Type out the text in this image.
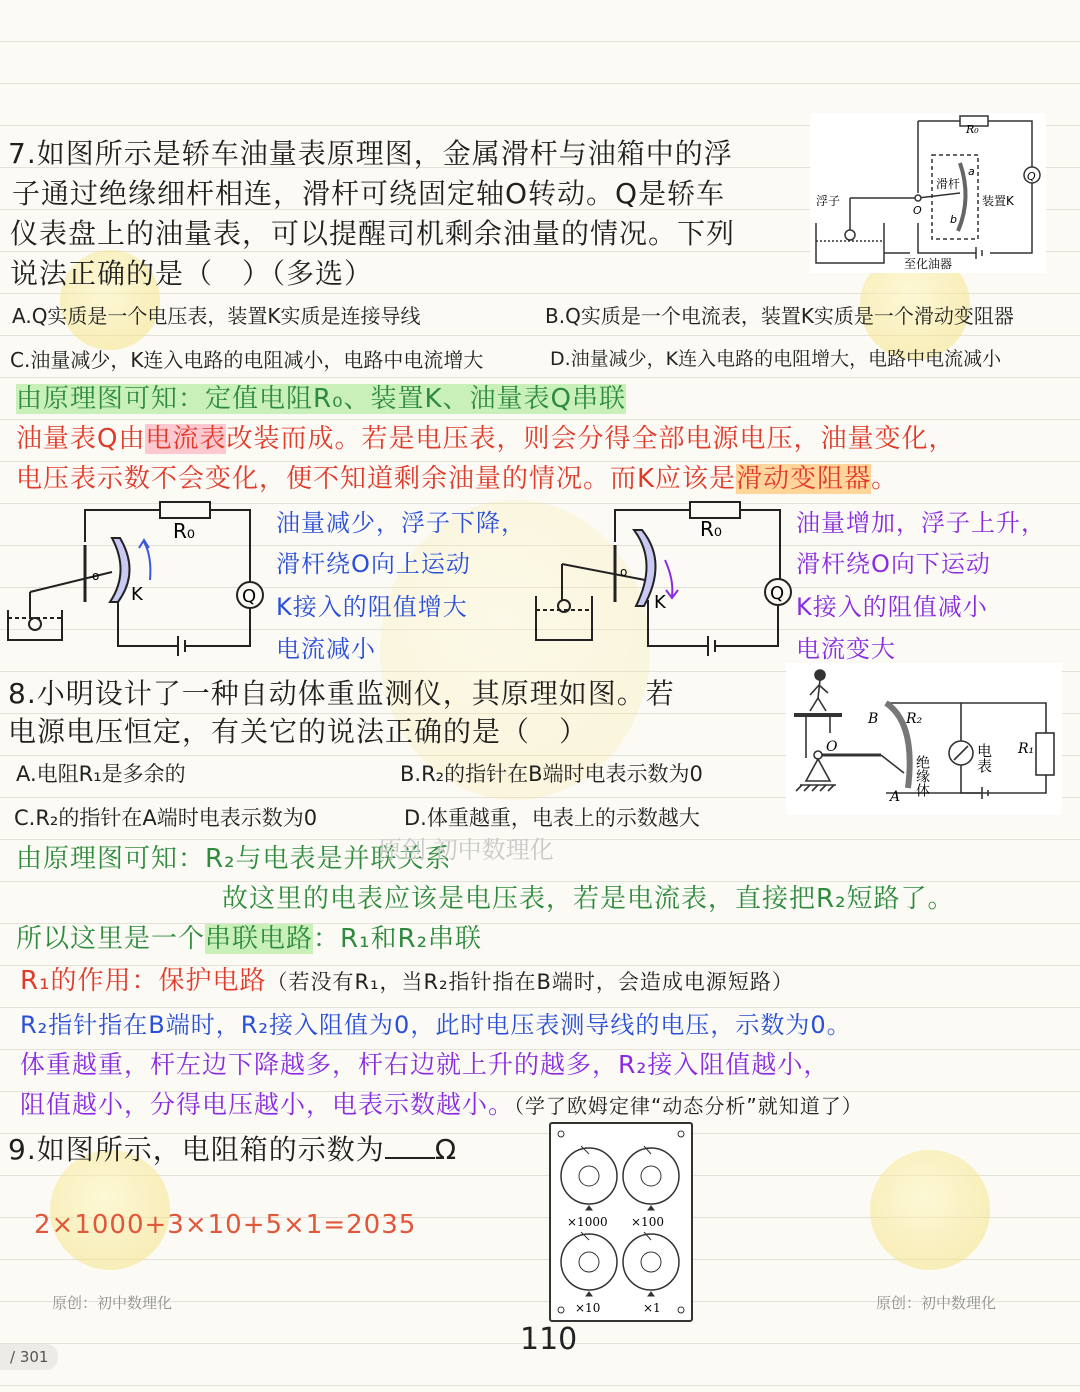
7.如图所示是轿车油量表原理图，金属滑杆与油箱中的浮
子通过绝缘细杆相连，滑杆可绕固定轴O转动。Q是轿车
仪表盘上的油量表，可以提醒司机剩余油量的情况。下列
说法正确的是（　）（多选）
R₀
浮子
滑杆
a
b
O
装置K
Q
至化油器
A.Q实质是一个电压表，装置K实质是连接导线	B.Q实质是一个电流表，装置K实质是一个滑动变阻器
C.油量减少，K连入电路的电阻减小，电路中电流增大	D.油量减少，K连入电路的电阻增大，电路中电流减小
由原理图可知：定值电阻R₀、装置K、油量表Q串联
油量表Q由电流表改装而成。若是电压表，则会分得全部电源电压，油量变化，
电压表示数不会变化，便不知道剩余油量的情况。而K应该是滑动变阻器。
R₀
K	Q
o
油量减少，浮子下降，
滑杆绕O向上运动
K接入的阻值增大
电流减小
R₀
K	Q
o
油量增加，浮子上升，
滑杆绕O向下运动
K接入的阻值减小
电流变大
8.小明设计了一种自动体重监测仪，其原理如图。若
电源电压恒定，有关它的说法正确的是（　）	B R₂
O
A 绝缘体	电表 R₁
A.电阻R₁是多余的	B.R₂的指针在B端时电表示数为0
C.R₂的指针在A端时电表示数为0	D.体重越重，电表上的示数越大
由原理图可知：R₂与电表是并联关系
故这里的电表应该是电压表，若是电流表，直接把R₂短路了。
所以这里是一个串联电路：R₁和R₂串联
R₁的作用：保护电路（若没有R₁，当R₂指针指在B端时，会造成电源短路）
R₂指针指在B端时，R₂接入阻值为0，此时电压表测导线的电压，示数为0。
体重越重，杆左边下降越多，杆右边就上升的越多，R₂接入阻值越小，
阻值越小，分得电压越小，电表示数越小。（学了欧姆定律“动态分析”就知道了）
9.如图所示，电阻箱的示数为 Ω
2×1000+3×10+5×1=2035	×1000 ×100
×10	×1
原创：初中数理化	原创：初中数理化
原创 初中数理化
110
/ 301
